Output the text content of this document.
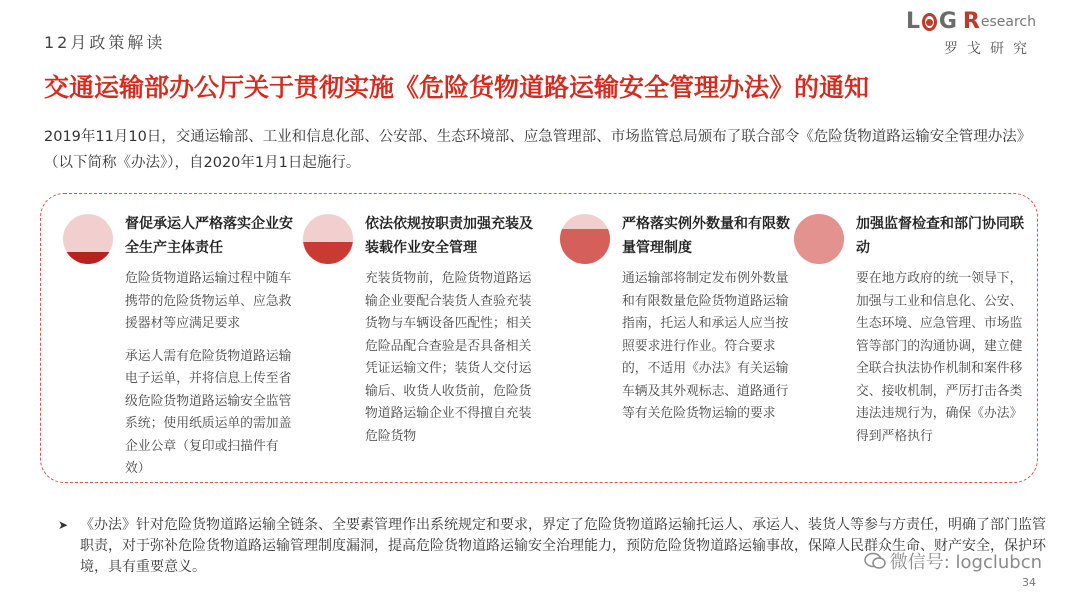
12月政策解读
L G R esearch
罗戈研究
交通运输部办公厅关于贯彻实施《危险货物道路运输安全管理办法》的通知
2019年11月10日，交通运输部、工业和信息化部、公安部、生态环境部、应急管理部、市场监管总局颁布了联合部令《危险货物道路运输安全管理办法》（以下简称《办法》），自2020年1月1日起施行。
督促承运人严格落实企业安全生产主体责任

危险货物道路运输过程中随车携带的危险货物运单、应急救援器材等应满足要求

承运人需有危险货物道路运输电子运单，并将信息上传至省级危险货物道路运输安全监管系统；使用纸质运单的需加盖企业公章（复印或扫描件有效）

依法依规按职责加强充装及装载作业安全管理

充装货物前，危险货物道路运输企业要配合装货人查验充装货物与车辆设备匹配性；相关危险品配合查验是否具备相关凭证运输文件；装货人交付运输后、收货人收货前，危险货物道路运输企业不得擅自充装危险货物

严格落实例外数量和有限数量管理制度

通运输部将制定发布例外数量和有限数量危险货物道路运输指南，托运人和承运人应当按照要求进行作业。符合要求的，不适用《办法》有关运输车辆及其外观标志、道路通行等有关危险货物运输的要求

加强监督检查和部门协同联动

要在地方政府的统一领导下，加强与工业和信息化、公安、生态环境、应急管理、市场监管等部门的沟通协调，建立健全联合执法协作机制和案件移交、接收机制，严厉打击各类违法违规行为，确保《办法》得到严格执行

➤ 《办法》针对危险货物道路运输全链条、全要素管理作出系统规定和要求，界定了危险货物道路运输托运人、承运人、装货人等参与方责任，明确了部门监管职责，对于弥补危险货物道路运输管理制度漏洞，提高危险货物道路运输安全治理能力，预防危险货物道路运输事故，保障人民群众生命、财产安全，保护环境，具有重要意义。	微信号: logclubcn
34
